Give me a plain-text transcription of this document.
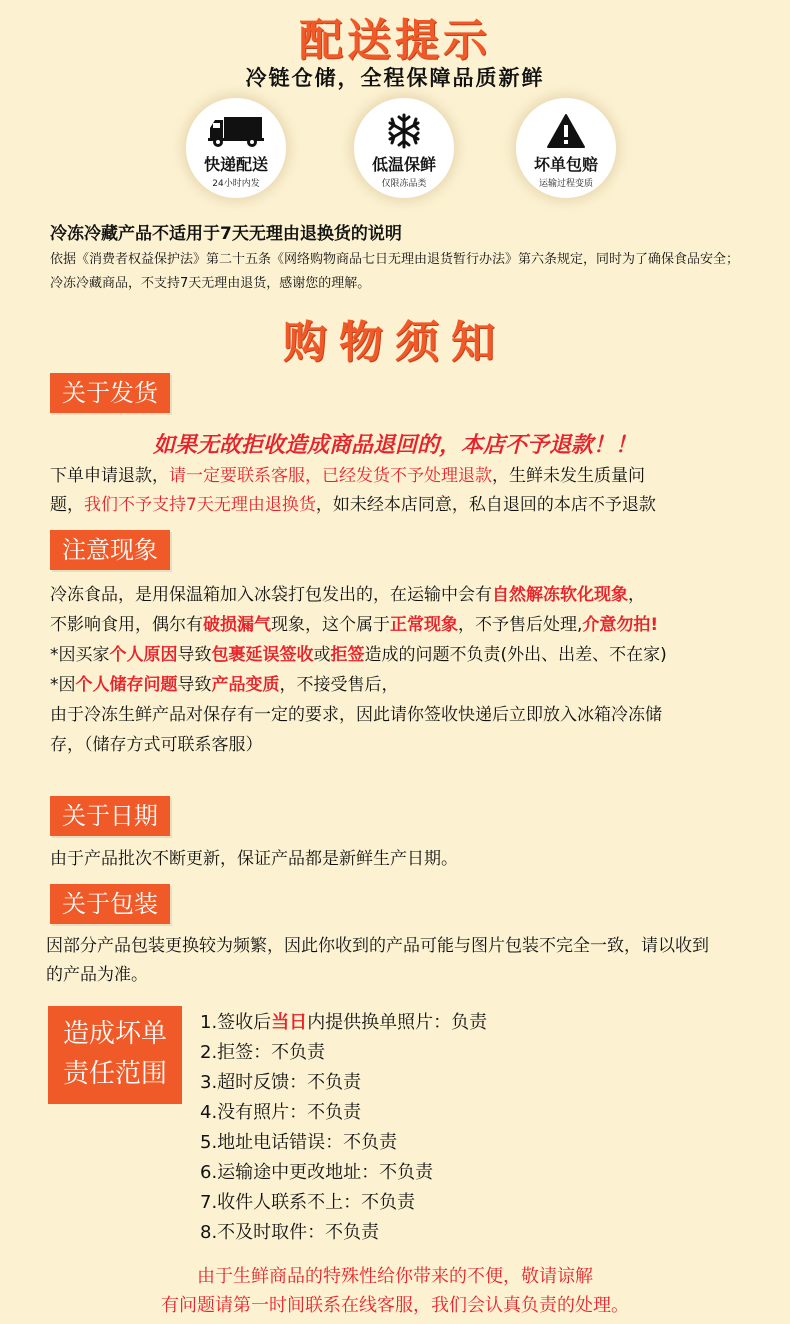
配送提示
冷链仓储，全程保障品质新鲜
快递配送
24小时内发
低温保鲜
仅限冻品类
坏单包赔
运输过程变质
冷冻冷藏产品不适用于7天无理由退换货的说明
依据《消费者权益保护法》第二十五条《网络购物商品七日无理由退货暂行办法》第六条规定，同时为了确保食品安全；冷冻冷藏商品，不支持7天无理由退货，感谢您的理解。
购物须知
关于发货
如果无故拒收造成商品退回的，本店不予退款！！
下单申请退款，请一定要联系客服，已经发货不予处理退款，生鲜未发生质量问
题，我们不予支持7天无理由退换货，如未经本店同意，私自退回的本店不予退款
注意现象
冷冻食品，是用保温箱加入冰袋打包发出的，在运输中会有自然解冻软化现象，
不影响食用，偶尔有破损漏气现象，这个属于正常现象，不予售后处理,介意勿拍!
*因买家个人原因导致包裹延误签收或拒签造成的问题不负责(外出、出差、不在家)
*因个人储存问题导致产品变质，不接受售后，
由于冷冻生鲜产品对保存有一定的要求，因此请你签收快递后立即放入冰箱冷冻储
存，（储存方式可联系客服）
关于日期
由于产品批次不断更新，保证产品都是新鲜生产日期。
关于包装
因部分产品包装更换较为频繁，因此你收到的产品可能与图片包装不完全一致，请以收到
的产品为准。
造成坏单
责任范围
1.签收后当日内提供换单照片：负责
2.拒签：不负责
3.超时反馈：不负责
4.没有照片：不负责
5.地址电话错误：不负责
6.运输途中更改地址：不负责
7.收件人联系不上：不负责
8.不及时取件：不负责
由于生鲜商品的特殊性给你带来的不便，敬请谅解
有问题请第一时间联系在线客服，我们会认真负责的处理。
